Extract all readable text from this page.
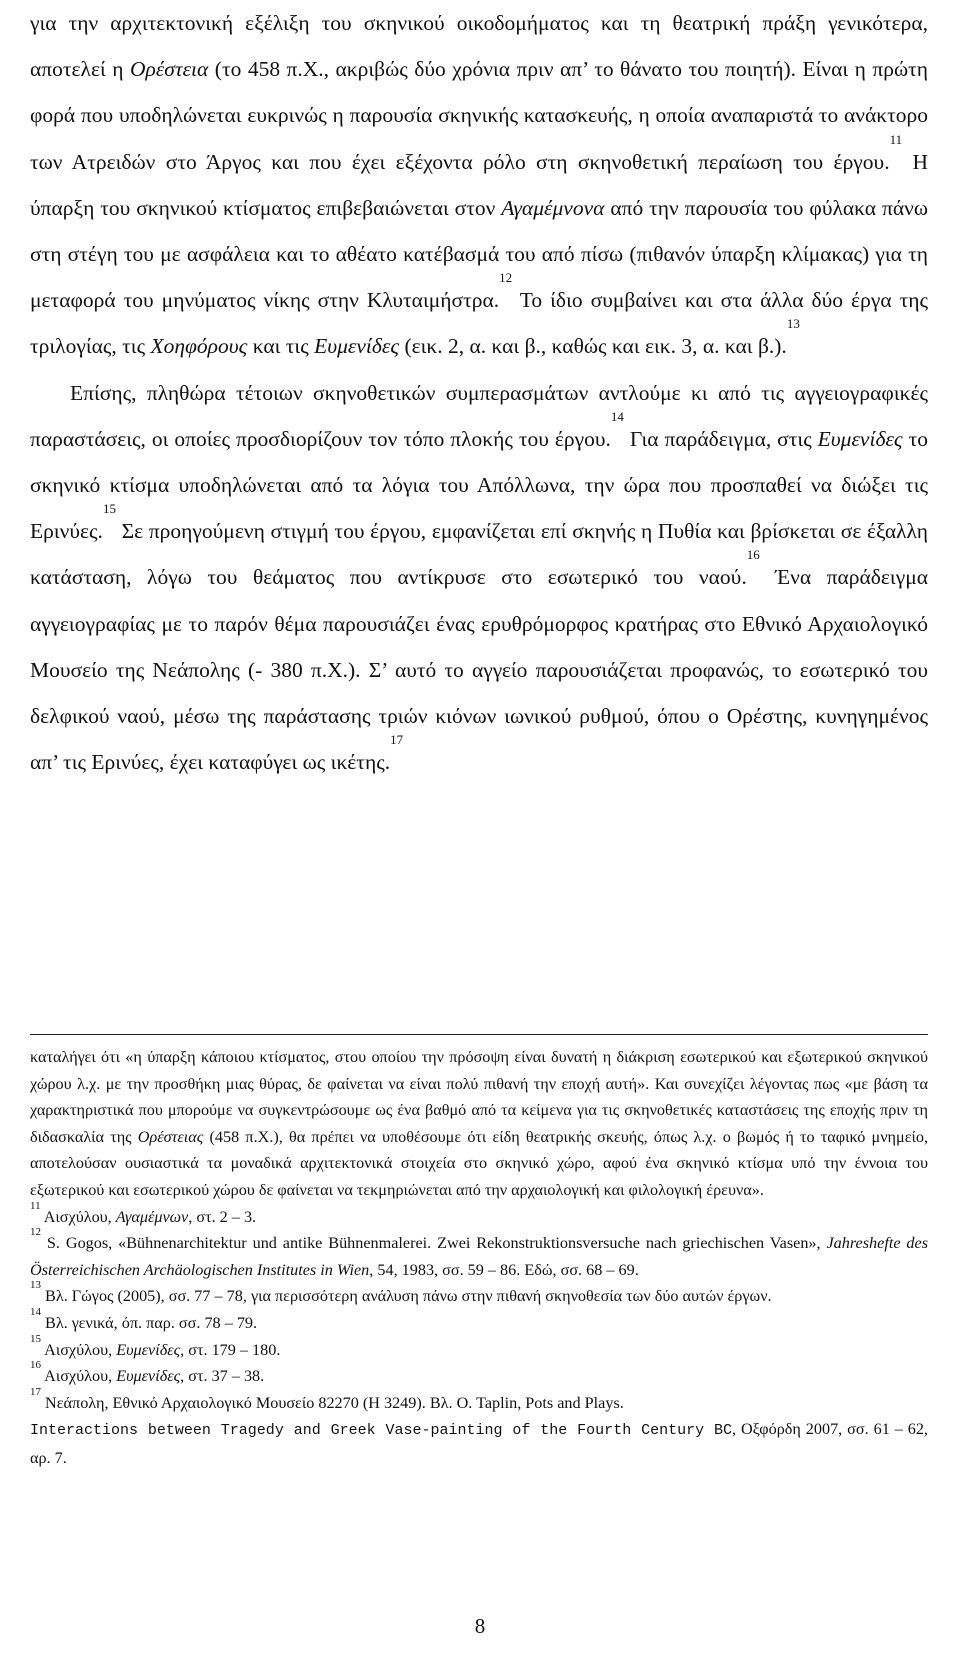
για την αρχιτεκτονική εξέλιξη του σκηνικού οικοδομήματος και τη θεατρική πράξη γενικότερα, αποτελεί η Ορέστεια (το 458 π.Χ., ακριβώς δύο χρόνια πριν απ’ το θάνατο του ποιητή). Είναι η πρώτη φορά που υποδηλώνεται ευκρινώς η παρουσία σκηνικής κατασκευής, η οποία αναπαριστά το ανάκτορο των Ατρειδών στο Άργος και που έχει εξέχοντα ρόλο στη σκηνοθετική περαίωση του έργου.$^{11}$ Η ύπαρξη του σκηνικού κτίσματος επιβεβαιώνεται στον Αγαμέμνονα από την παρουσία του φύλακα πάνω στη στέγη του με ασφάλεια και το αθέατο κατέβασμά του από πίσω (πιθανόν ύπαρξη κλίμακας) για τη μεταφορά του μηνύματος νίκης στην Κλυταιμήστρα.$^{12}$ Το ίδιο συμβαίνει και στα άλλα δύο έργα της τριλογίας, τις Χοηφόρους και τις Ευμενίδες (εικ. 2, α. και β., καθώς και εικ. 3, α. και β.).$^{13}$

Επίσης, πληθώρα τέτοιων σκηνοθετικών συμπερασμάτων αντλούμε κι από τις αγγειογραφικές παραστάσεις, οι οποίες προσδιορίζουν τον τόπο πλοκής του έργου.$^{14}$ Για παράδειγμα, στις Ευμενίδες το σκηνικό κτίσμα υποδηλώνεται από τα λόγια του Απόλλωνα, την ώρα που προσπαθεί να διώξει τις Ερινύες.$^{15}$ Σε προηγούμενη στιγμή του έργου, εμφανίζεται επί σκηνής η Πυθία και βρίσκεται σε έξαλλη κατάσταση, λόγω του θεάματος που αντίκρυσε στο εσωτερικό του ναού.$^{16}$ Ένα παράδειγμα αγγειογραφίας με το παρόν θέμα παρουσιάζει ένας ερυθρόμορφος κρατήρας στο Εθνικό Αρχαιολογικό Μουσείο της Νεάπολης (- 380 π.Χ.). Σ’ αυτό το αγγείο παρουσιάζεται προφανώς, το εσωτερικό του δελφικού ναού, μέσω της παράστασης τριών κιόνων ιωνικού ρυθμού, όπου ο Ορέστης, κυνηγημένος απ’ τις Ερινύες, έχει καταφύγει ως ικέτης.$^{17}$

καταλήγει ότι «η ύπαρξη κάποιου κτίσματος, στου οποίου την πρόσοψη είναι δυνατή η διάκριση εσωτερικού και εξωτερικού σκηνικού χώρου λ.χ. με την προσθήκη μιας θύρας, δε φαίνεται να είναι πολύ πιθανή την εποχή αυτή». Και συνεχίζει λέγοντας πως «με βάση τα χαρακτηριστικά που μπορούμε να συγκεντρώσουμε ως ένα βαθμό από τα κείμενα για τις σκηνοθετικές καταστάσεις της εποχής πριν τη διδασκαλία της Ορέστειας (458 π.Χ.), θα πρέπει να υποθέσουμε ότι είδη θεατρικής σκευής, όπως λ.χ. ο βωμός ή το ταφικό μνημείο, αποτελούσαν ουσιαστικά τα μοναδικά αρχιτεκτονικά στοιχεία στο σκηνικό χώρο, αφού ένα σκηνικό κτίσμα υπό την έννοια του εξωτερικού και εσωτερικού χώρου δε φαίνεται να τεκμηριώνεται από την αρχαιολογική και φιλολογική έρευνα».

$^{11}$ Αισχύλου, Αγαμέμνων, στ. 2 – 3.

$^{12}$ S. Gogos, «Bühnenarchitektur und antike Bühnenmalerei. Zwei Rekonstruktionsversuche nach griechischen Vasen», Jahreshefte des Österreichischen Archäologischen Institutes in Wien, 54, 1983, σσ. 59 – 86. Εδώ, σσ. 68 – 69.

$^{13}$ Βλ. Γώγος (2005), σσ. 77 – 78, για περισσότερη ανάλυση πάνω στην πιθανή σκηνοθεσία των δύο αυτών έργων.

$^{14}$ Βλ. γενικά, όπ. παρ. σσ. 78 – 79.

$^{15}$ Αισχύλου, Ευμενίδες, στ. 179 – 180.

$^{16}$ Αισχύλου, Ευμενίδες, στ. 37 – 38.

$^{17}$ Νεάπολη, Εθνικό Αρχαιολογικό Μουσείο 82270 (H 3249). Βλ. O. Taplin, Pots and Plays.
Interactions between Tragedy and Greek Vase-painting of the Fourth Century BC, Οξφόρδη 2007, σσ. 61 – 62, αρ. 7.

8
